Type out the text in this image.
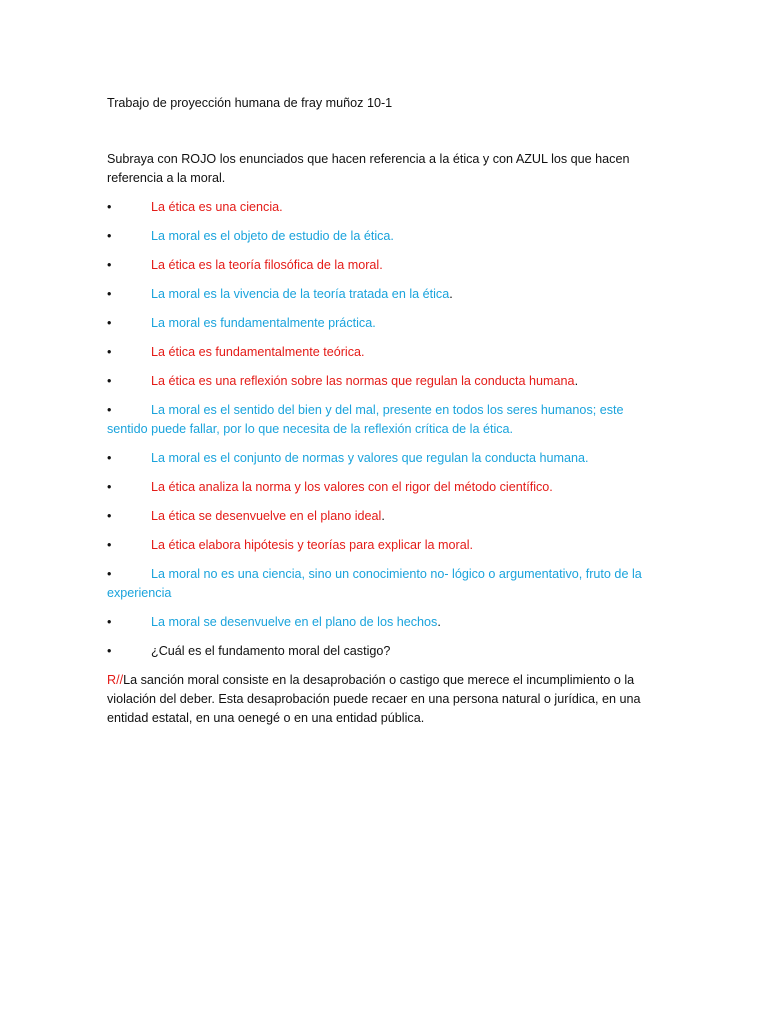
Trabajo de proyección humana de fray muñoz 10-1

Subraya con ROJO los enunciados que hacen referencia a la ética y con AZUL los que hacen referencia a la moral.

•	La ética es una ciencia.
•	La moral es el objeto de estudio de la ética.
•	La ética es la teoría filosófica de la moral.
•	La moral es la vivencia de la teoría tratada en la ética.
•	La moral es fundamentalmente práctica.
•	La ética es fundamentalmente teórica.
•	La ética es una reflexión sobre las normas que regulan la conducta humana.
•	La moral es el sentido del bien y del mal, presente en todos los seres humanos; este sentido puede fallar, por lo que necesita de la reflexión crítica de la ética.
•	La moral es el conjunto de normas y valores que regulan la conducta humana.
•	La ética analiza la norma y los valores con el rigor del método científico.
•	La ética se desenvuelve en el plano ideal.
•	La ética elabora hipótesis y teorías para explicar la moral.
•	La moral no es una ciencia, sino un conocimiento no- lógico o argumentativo, fruto de la experiencia
•	La moral se desenvuelve en el plano de los hechos.
•	¿Cuál es el fundamento moral del castigo?

R//La sanción moral consiste en la desaprobación o castigo que merece el incumplimiento o la violación del deber. Esta desaprobación puede recaer en una persona natural o jurídica, en una entidad estatal, en una oenegé o en una entidad pública.
